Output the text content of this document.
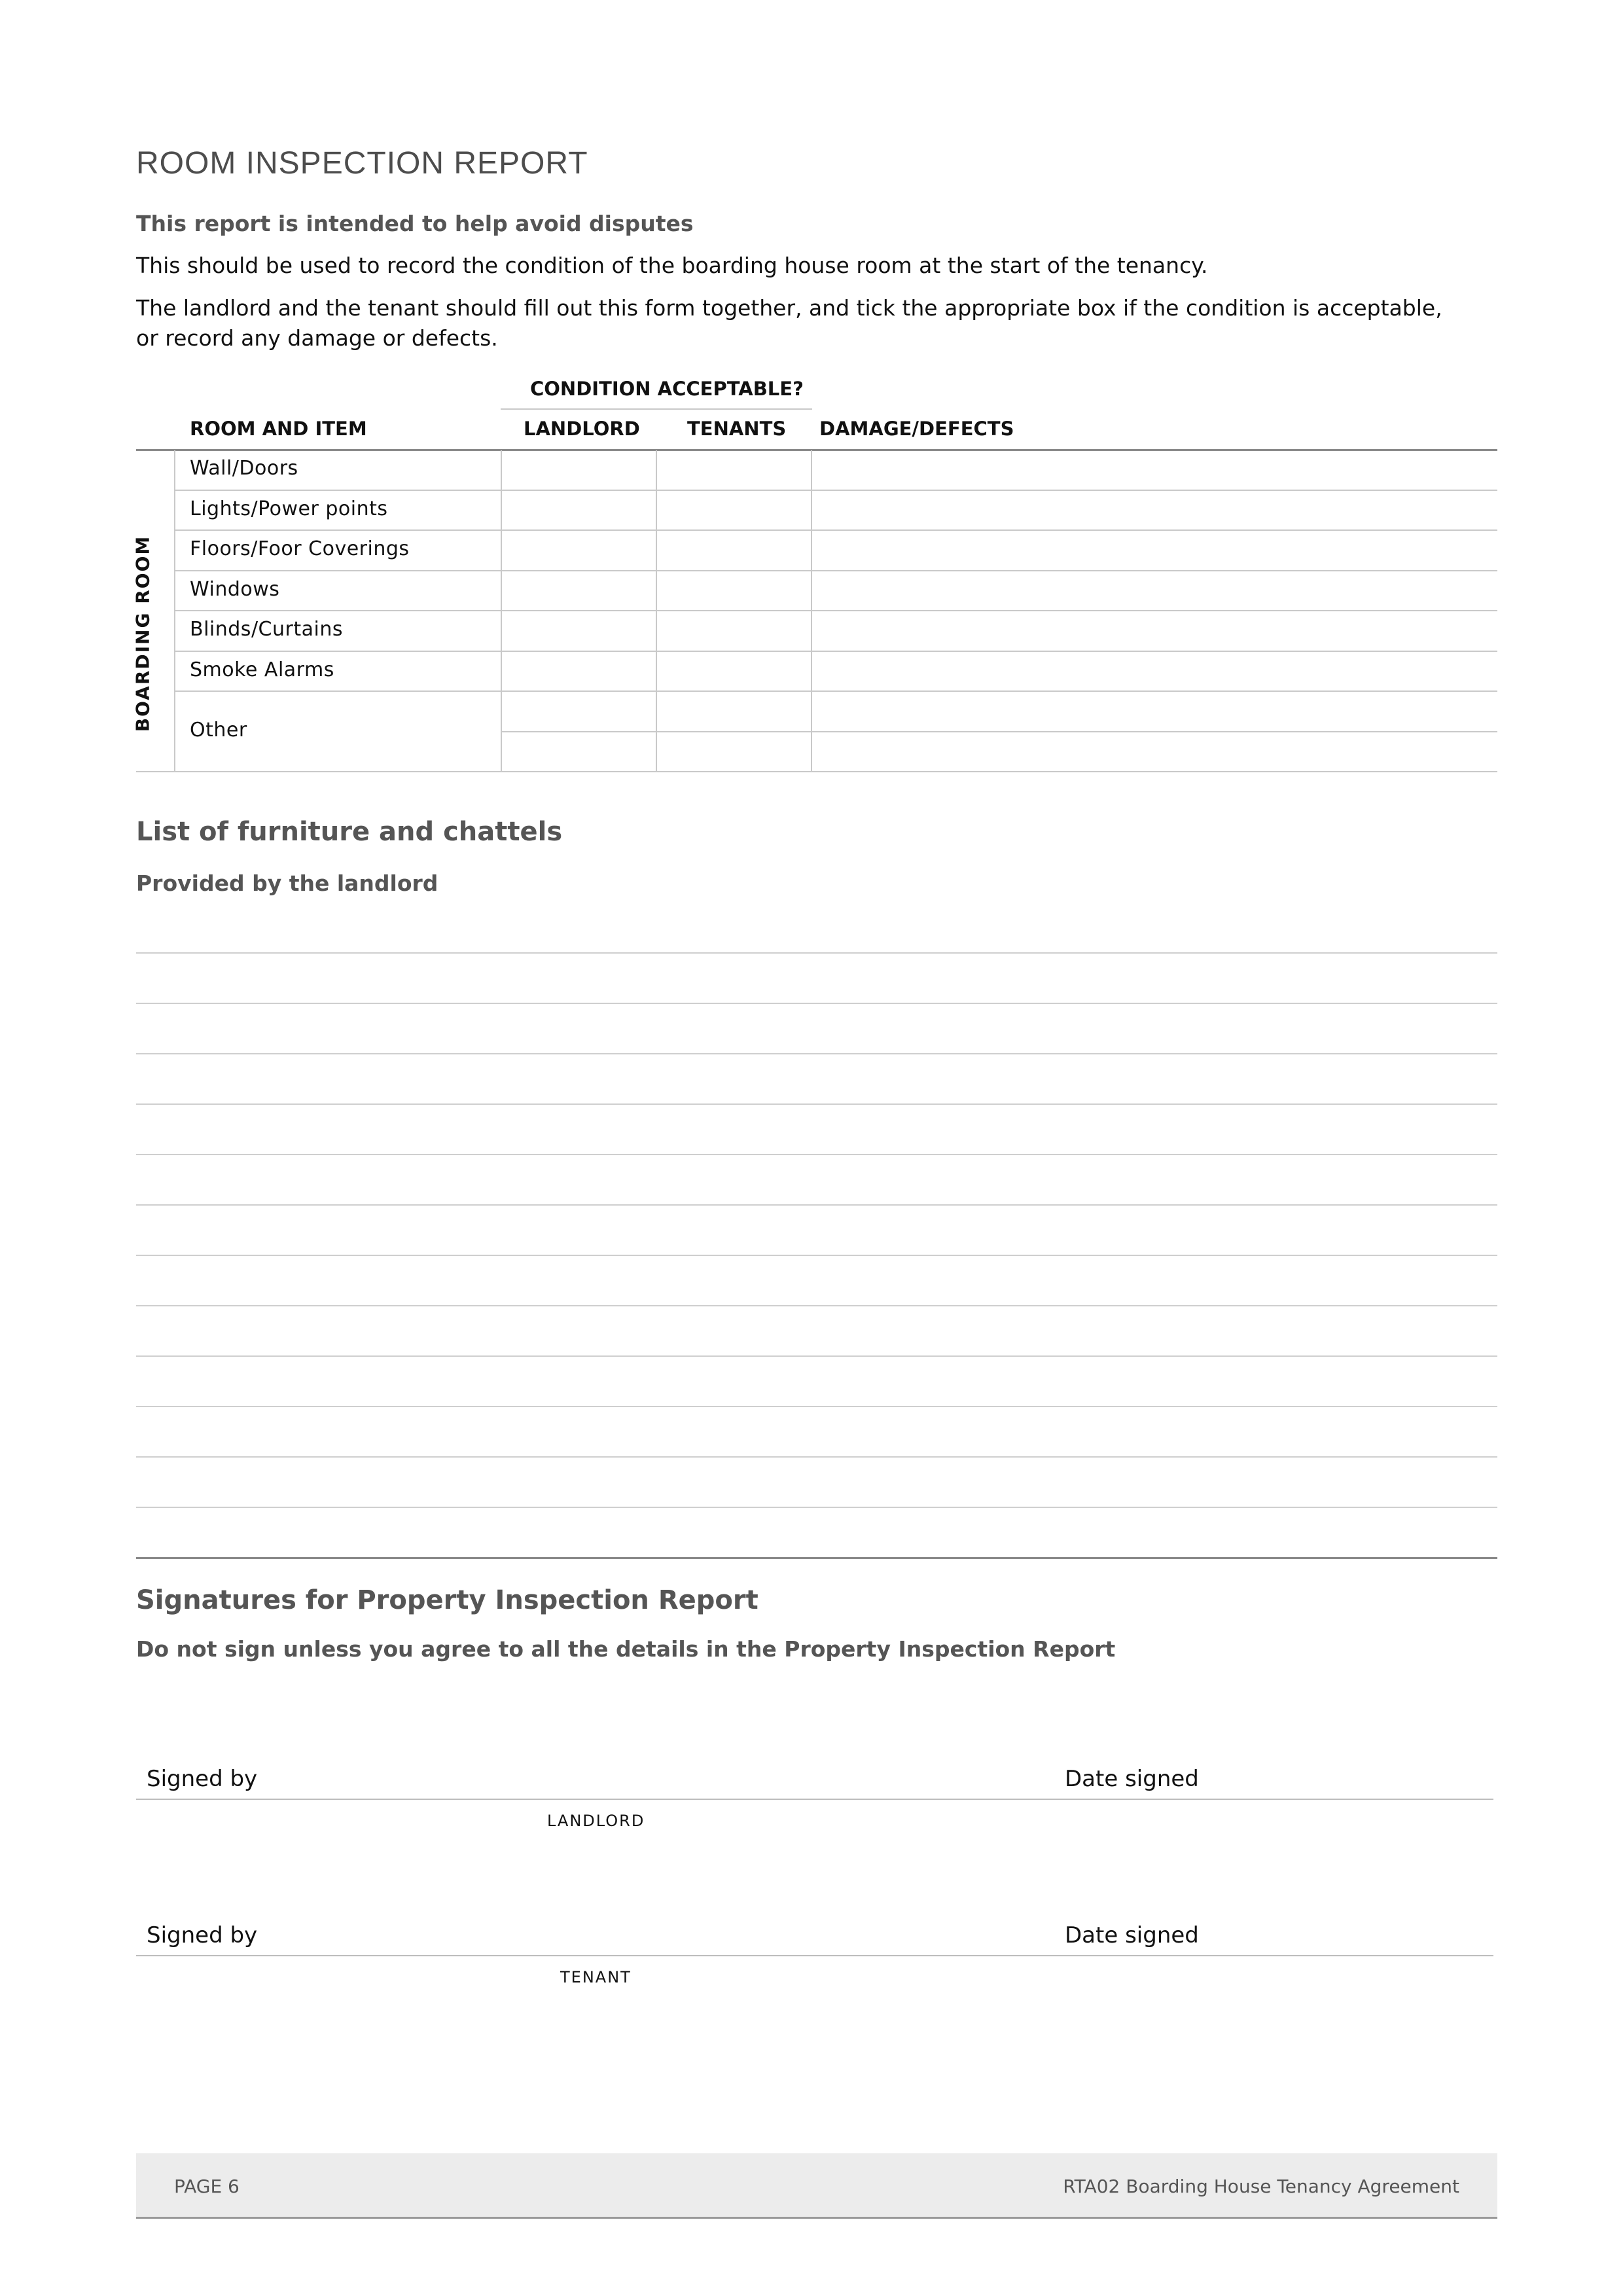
ROOM INSPECTION REPORT
This report is intended to help avoid disputes
This should be used to record the condition of the boarding house room at the start of the tenancy.
The landlord and the tenant should fill out this form together, and tick the appropriate box if the condition is acceptable,
or record any damage or defects.
CONDITION ACCEPTABLE?
ROOM AND ITEM	LANDLORD TENANTS DAMAGE/DEFECTS
BOARDING ROOM
Wall/Doors
Lights/Power points
Floors/Foor Coverings
Windows
Blinds/Curtains
Smoke Alarms
Other
List of furniture and chattels
Provided by the landlord
Signatures for Property Inspection Report
Do not sign unless you agree to all the details in the Property Inspection Report
Signed by	Date signed
LANDLORD
Signed by	Date signed
TENANT
PAGE 6	RTA02 Boarding House Tenancy Agreement
